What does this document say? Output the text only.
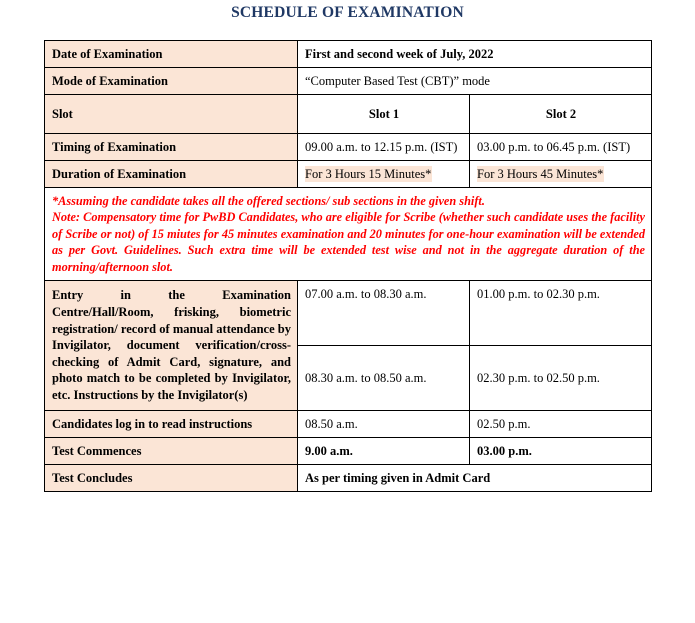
SCHEDULE OF EXAMINATION
Date of Examination	First and second week of July, 2022	
Mode of Examination	“Computer Based Test (CBT)” mode	
Slot	Slot 1	Slot 2
Timing of Examination	09.00 a.m. to 12.15 p.m. (IST)	03.00 p.m. to 06.45 p.m. (IST)
Duration of Examination	For 3 Hours 15 Minutes*	For 3 Hours 45 Minutes*

*Assuming the candidate takes all the offered sections/ sub sections in the given shift.
Note: Compensatory time for PwBD Candidates, who are eligible for Scribe (whether such candidate uses the facility of Scribe or not) of 15 miutes for 45 minutes examination and 20 minutes for one-hour examination will be extended as per Govt. Guidelines. Such extra time will be extended test wise and not in the aggregate duration of the morning/afternoon slot.		

Entry in the Examination Centre/Hall/Room, frisking, biometric registration/ record of manual attendance by Invigilator, document verification/cross-checking of Admit Card, signature, and photo match to be completed by Invigilator, etc. Instructions by the Invigilator(s)	07.00 a.m. to 08.30 a.m.	01.00 p.m. to 02.30 p.m.
	08.30 a.m. to 08.50 a.m.	02.30 p.m. to 02.50 p.m.
Candidates log in to read instructions	08.50 a.m.	02.50 p.m.
Test Commences	9.00 a.m.	03.00 p.m.
Test Concludes	As per timing given in Admit Card	
